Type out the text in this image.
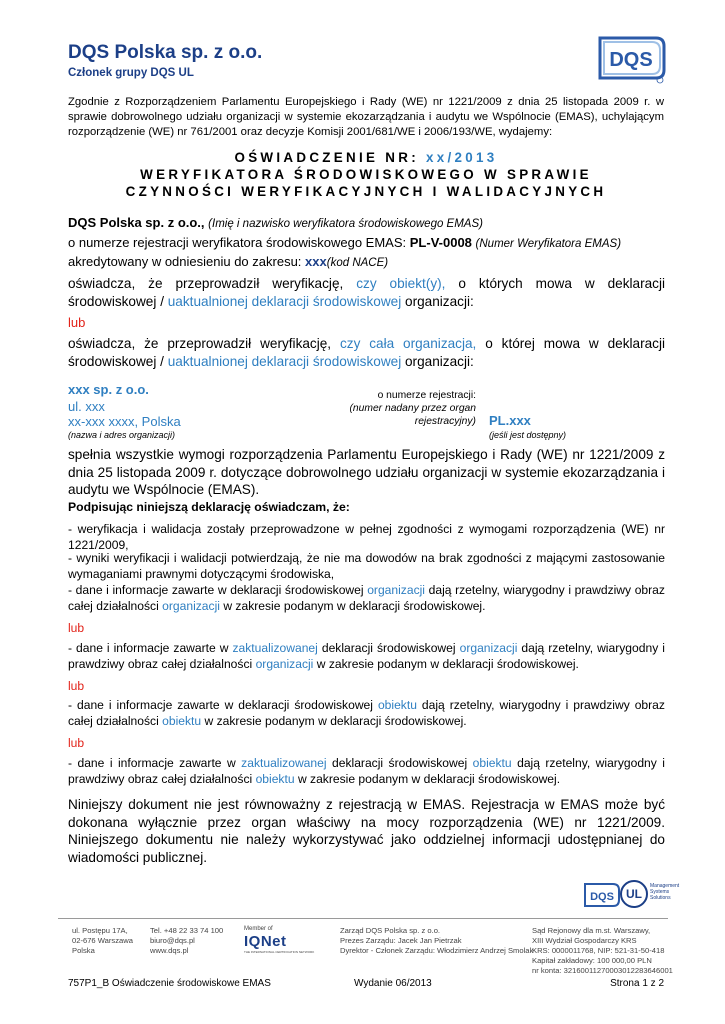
DQS Polska sp. z o.o.
Członek grupy DQS UL
DQS
Zgodnie z Rozporządzeniem Parlamentu Europejskiego i Rady (WE) nr 1221/2009 z dnia 25 listopada 2009 r. w sprawie dobrowolnego udziału organizacji w systemie ekozarządzania i audytu we Wspólnocie (EMAS), uchylającym rozporządzenie (WE) nr 761/2001 oraz decyzje Komisji 2001/681/WE i 2006/193/WE, wydajemy:
OŚWIADCZENIE NR: xx/2013
WERYFIKATORA ŚRODOWISKOWEGO W SPRAWIE
CZYNNOŚCI WERYFIKACYJNYCH I WALIDACYJNYCH
DQS Polska sp. z o.o., (Imię i nazwisko weryfikatora środowiskowego EMAS)
o numerze rejestracji weryfikatora środowiskowego EMAS: PL-V-0008 (Numer Weryfikatora EMAS)
akredytowany w odniesieniu do zakresu: xxx(kod NACE)
oświadcza, że przeprowadził weryfikację, czy obiekt(y), o których mowa w deklaracji środowiskowej / uaktualnionej deklaracji środowiskowej organizacji:
lub
oświadcza, że przeprowadził weryfikację, czy cała organizacja, o której mowa w deklaracji środowiskowej / uaktualnionej deklaracji środowiskowej organizacji:
xxx sp. z o.o.
ul. xxx
xx-xxx xxxx, Polska
(nazwa i adres organizacji)
o numerze rejestracji:
(numer nadany przez organ rejestracyjny) PL.xxx
(jeśli jest dostępny)
spełnia wszystkie wymogi rozporządzenia Parlamentu Europejskiego i Rady (WE) nr 1221/2009 z dnia 25 listopada 2009 r. dotyczące dobrowolnego udziału organizacji w systemie ekozarządzania i audytu we Wspólnocie (EMAS).
Podpisując niniejszą deklarację oświadczam, że:
- weryfikacja i walidacja zostały przeprowadzone w pełnej zgodności z wymogami rozporządzenia (WE) nr 1221/2009,
- wyniki weryfikacji i walidacji potwierdzają, że nie ma dowodów na brak zgodności z mającymi zastosowanie wymaganiami prawnymi dotyczącymi środowiska,
- dane i informacje zawarte w deklaracji środowiskowej organizacji dają rzetelny, wiarygodny i prawdziwy obraz całej działalności organizacji w zakresie podanym w deklaracji środowiskowej.
lub
- dane i informacje zawarte w zaktualizowanej deklaracji środowiskowej organizacji dają rzetelny, wiarygodny i prawdziwy obraz całej działalności organizacji w zakresie podanym w deklaracji środowiskowej.
lub
- dane i informacje zawarte w deklaracji środowiskowej obiektu dają rzetelny, wiarygodny i prawdziwy obraz całej działalności obiektu w zakresie podanym w deklaracji środowiskowej.
lub
- dane i informacje zawarte w zaktualizowanej deklaracji środowiskowej obiektu dają rzetelny, wiarygodny i prawdziwy obraz całej działalności obiektu w zakresie podanym w deklaracji środowiskowej.
Niniejszy dokument nie jest równoważny z rejestracją w EMAS. Rejestracja w EMAS może być dokonana wyłącznie przez organ właściwy na mocy rozporządzenia (WE) nr 1221/2009. Niniejszego dokumentu nie należy wykorzystywać jako oddzielnej informacji udostępnianej do wiadomości publicznej.
DQS	UL
Management
Systems
Solutions
ul. Postępu 17A,
02-676 Warszawa
Polska
Tel. +48 22 33 74 100
biuro@dqs.pl
www.dqs.pl
Member of
IQNet
THE INTERNATIONAL CERTIFICATION NETWORK
Zarząd DQS Polska sp. z o.o.
Prezes Zarządu: Jacek Jan Pietrzak
Dyrektor - Członek Zarządu: Włodzimierz Andrzej Smolak
Sąd Rejonowy dla m.st. Warszawy,
XIII Wydział Gospodarczy KRS
KRS: 0000011768, NIP: 521-31-50-418
Kapitał zakładowy: 100 000,00 PLN
nr konta: 32160011270003012283646001
757P1_B Oświadczenie środowiskowe EMAS	Wydanie 06/2013	Strona 1 z 2
